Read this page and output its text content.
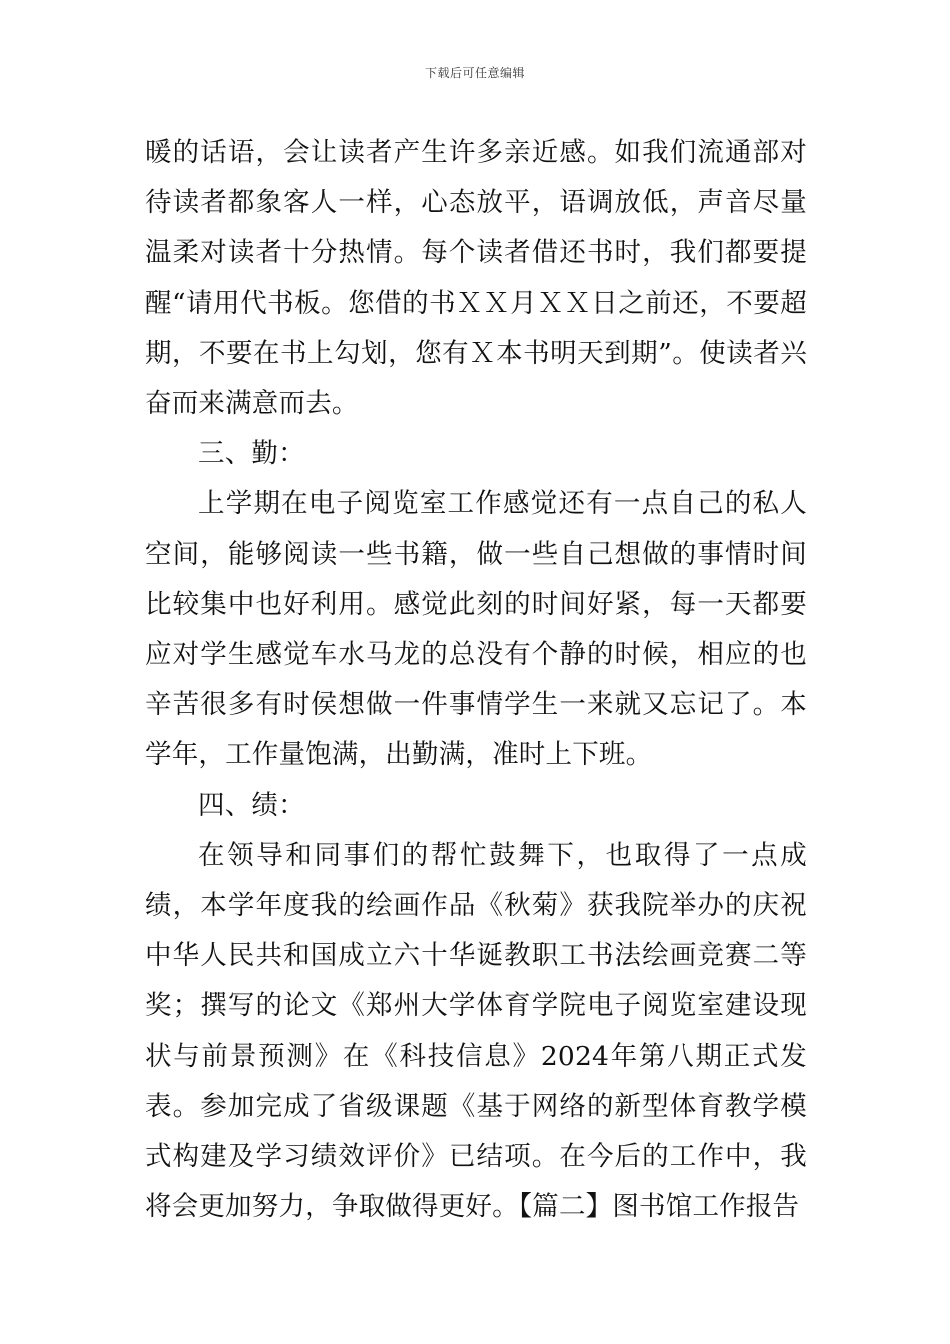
下载后可任意编辑

暖的话语，会让读者产生许多亲近感。如我们流通部对待读者都象客人一样，心态放平，语调放低，声音尽量温柔对读者十分热情。每个读者借还书时，我们都要提醒“请用代书板。您借的书ＸＸ月ＸＸ日之前还，不要超期，不要在书上勾划，您有Ｘ本书明天到期”。使读者兴奋而来满意而去。

三、勤：

上学期在电子阅览室工作感觉还有一点自己的私人空间，能够阅读一些书籍，做一些自己想做的事情时间比较集中也好利用。感觉此刻的时间好紧，每一天都要应对学生感觉车水马龙的总没有个静的时候，相应的也辛苦很多有时侯想做一件事情学生一来就又忘记了。本学年，工作量饱满，出勤满，准时上下班。

四、绩：

在领导和同事们的帮忙鼓舞下，也取得了一点成绩，本学年度我的绘画作品《秋菊》获我院举办的庆祝中华人民共和国成立六十华诞教职工书法绘画竞赛二等奖；撰写的论文《郑州大学体育学院电子阅览室建设现状与前景预测》在《科技信息》2024年第八期正式发表。参加完成了省级课题《基于网络的新型体育教学模式构建及学习绩效评价》已结项。在今后的工作中，我将会更加努力，争取做得更好。【篇二】图书馆工作报告
